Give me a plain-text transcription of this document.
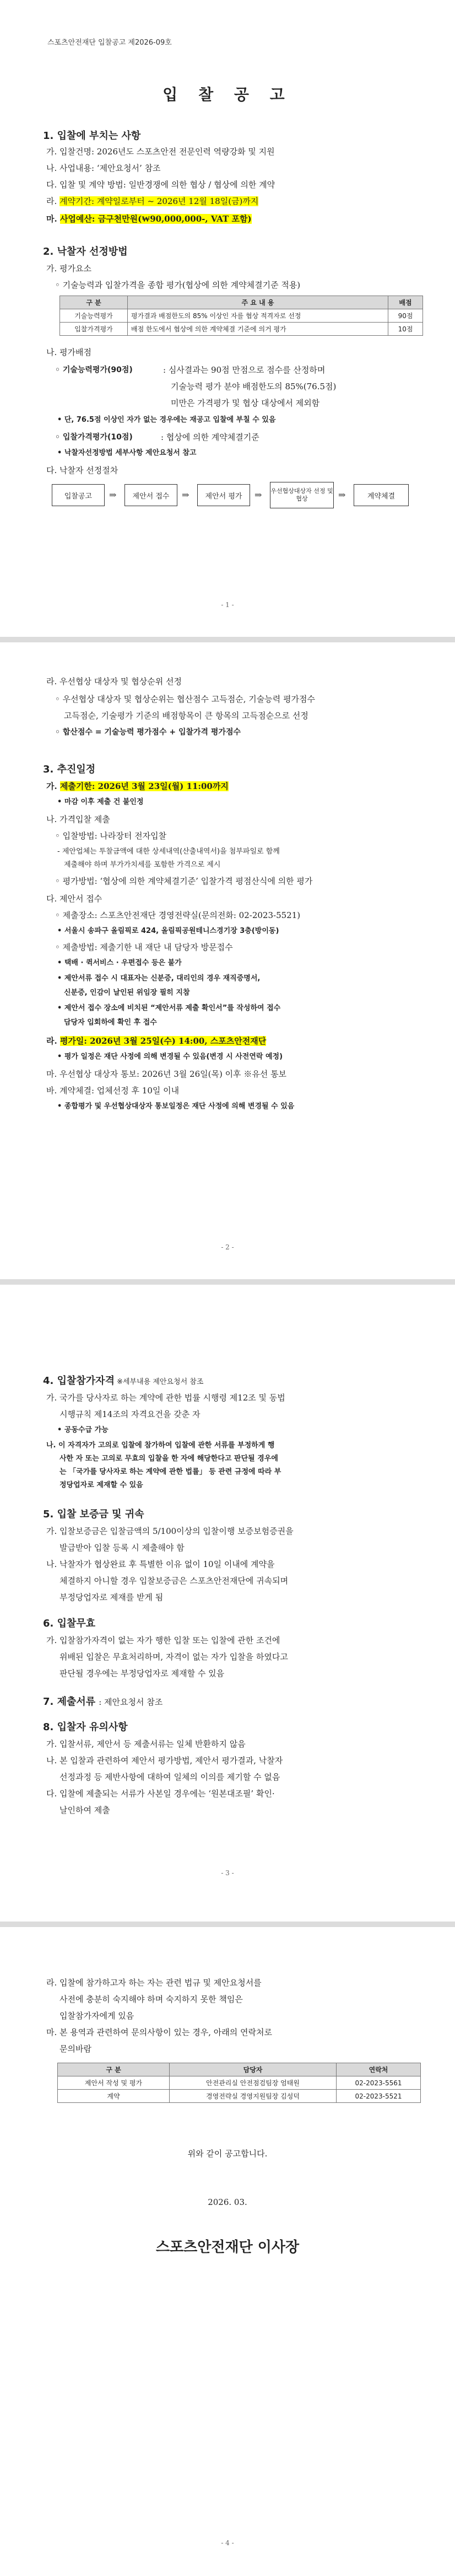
스포츠안전재단 입찰공고 제2026-09호
입 찰 공 고
1. 입찰에 부치는 사항
가. 입찰건명: 2026년도 스포츠안전 전문인력 역량강화 및 지원
나. 사업내용: ‘제안요청서’ 참조
다. 입찰 및 계약 방법: 일반경쟁에 의한 협상 / 협상에 의한 계약
라. 계약기간: 계약일로부터 ~ 2026년 12월 18일(금)까지
마. 사업예산: 금구천만원(₩90,000,000-, VAT 포함)
2. 낙찰자 선정방법
가. 평가요소
◦ 기술능력과 입찰가격을 종합 평가(협상에 의한 계약체결기준 적용)
구 분	주 요 내 용	배점
기술능력평가	평가결과 배점한도의 85% 이상인 자를 협상 적격자로 선정	90점
입찰가격평가	배점 한도에서 협상에 의한 계약체결 기준에 의거 평가	10점
나. 평가배점
◦ 기술능력평가(90점)	: 심사결과는 90점 만점으로 점수를 산정하며
기술능력 평가 분야 배점한도의 85%(76.5점)
미만은 가격평가 및 협상 대상에서 제외함
• 단, 76.5점 이상인 자가 없는 경우에는 재공고 입찰에 부칠 수 있음
◦ 입찰가격평가(10점)	: 협상에 의한 계약체결기준
• 낙찰자선정방법 세부사항 제안요청서 참고
다. 낙찰자 선정절차
입찰공고	⇒	제안서 접수	⇒	제안서 평가	⇒ 우선협상대상자 선정 및 협상	⇒	계약체결
- 1 -
라. 우선협상 대상자 및 협상순위 선정
◦ 우선협상 대상자 및 협상순위는 협산점수 고득점순, 기술능력 평가점수
고득점순, 기술평가 기준의 배점항목이 큰 항목의 고득점순으로 선정
◦ 합산점수 = 기술능력 평가점수 + 입찰가격 평가점수
3. 추진일정
가. 제출기한: 2026년 3월 23일(월) 11:00까지
• 마감 이후 제출 건 불인정
나. 가격입찰 제출
◦ 입찰방법: 나라장터 전자입찰
- 제안업체는 투찰금액에 대한 상세내역(산출내역서)을 첨부파일로 함께
제출해야 하며 부가가치세를 포함한 가격으로 제시
◦ 평가방법: ‘협상에 의한 계약체결기준’ 입찰가격 평점산식에 의한 평가
다. 제안서 접수
◦ 제출장소: 스포츠안전재단 경영전략실(문의전화: 02-2023-5521)
• 서울시 송파구 올림픽로 424, 올림픽공원테니스경기장 3층(방이동)
◦ 제출방법: 제출기한 내 재단 내 담당자 방문접수
• 택배 · 퀵서비스 · 우편접수 등은 불가
• 제안서류 접수 시 대표자는 신분증, 대리인의 경우 재직증명서,
신분증, 인감이 날인된 위임장 필히 지참
• 제안서 접수 장소에 비치된 “제안서류 제출 확인서”를 작성하여 접수
담당자 입회하에 확인 후 접수
라. 평가일: 2026년 3월 25일(수) 14:00, 스포츠안전재단
• 평가 일정은 재단 사정에 의해 변경될 수 있음(변경 시 사전연락 예정)
마. 우선협상 대상자 통보: 2026년 3월 26일(목) 이후 ※유선 통보
바. 계약체결: 업체선정 후 10일 이내
• 종합평가 및 우선협상대상자 통보일정은 재단 사정에 의해 변경될 수 있음
- 2 -
4. 입찰참가자격 ※세부내용 제안요청서 참조
가. 국가를 당사자로 하는 계약에 관한 법률 시행령 제12조 및 동법
시행규칙 제14조의 자격요건을 갖춘 자
• 공동수급 가능
나. 이 자격자가 고의로 입찰에 참가하여 입찰에 관한 서류를 부정하게 행
사한 자 또는 고의로 무효의 입찰을 한 자에 해당한다고 판단될 경우에
는 「국가를 당사자로 하는 계약에 관한 법률」 등 관련 규정에 따라 부
정당업자로 제재할 수 있음
5. 입찰 보증금 및 귀속
가. 입찰보증금은 입찰금액의 5/100이상의 입찰이행 보증보험증권을
발급받아 입찰 등록 시 제출해야 함
나. 낙찰자가 협상완료 후 특별한 이유 없이 10일 이내에 계약을
체결하지 아니할 경우 입찰보증금은 스포츠안전재단에 귀속되며
부정당업자로 제재를 받게 됨
6. 입찰무효
가. 입찰참가자격이 없는 자가 행한 입찰 또는 입찰에 관한 조건에
위배된 입찰은 무효처리하며, 자격이 없는 자가 입찰을 하였다고
판단될 경우에는 부정당업자로 제재할 수 있음
7. 제출서류 : 제안요청서 참조
8. 입찰자 유의사항
가. 입찰서류, 제안서 등 제출서류는 일체 반환하지 않음
나. 본 입찰과 관련하여 제안서 평가방법, 제안서 평가결과, 낙찰자
선정과정 등 제반사항에 대하여 일체의 이의를 제기할 수 없음
다. 입찰에 제출되는 서류가 사본일 경우에는 ‘원본대조필’ 확인·
날인하여 제출
- 3 -
라. 입찰에 참가하고자 하는 자는 관련 법규 및 제안요청서를
사전에 충분히 숙지해야 하며 숙지하지 못한 책임은
입찰참가자에게 있음
마. 본 용역과 관련하여 문의사항이 있는 경우, 아래의 연락처로
문의바람
구 분	담당자	연락처
제안서 작성 및 평가	안전관리실 안전점검팀장 엄태원	02-2023-5561
계약	경영전략실 경영지원팀장 김성덕	02-2023-5521
위와 같이 공고합니다.
2026. 03.
스포츠안전재단 이사장
- 4 -
